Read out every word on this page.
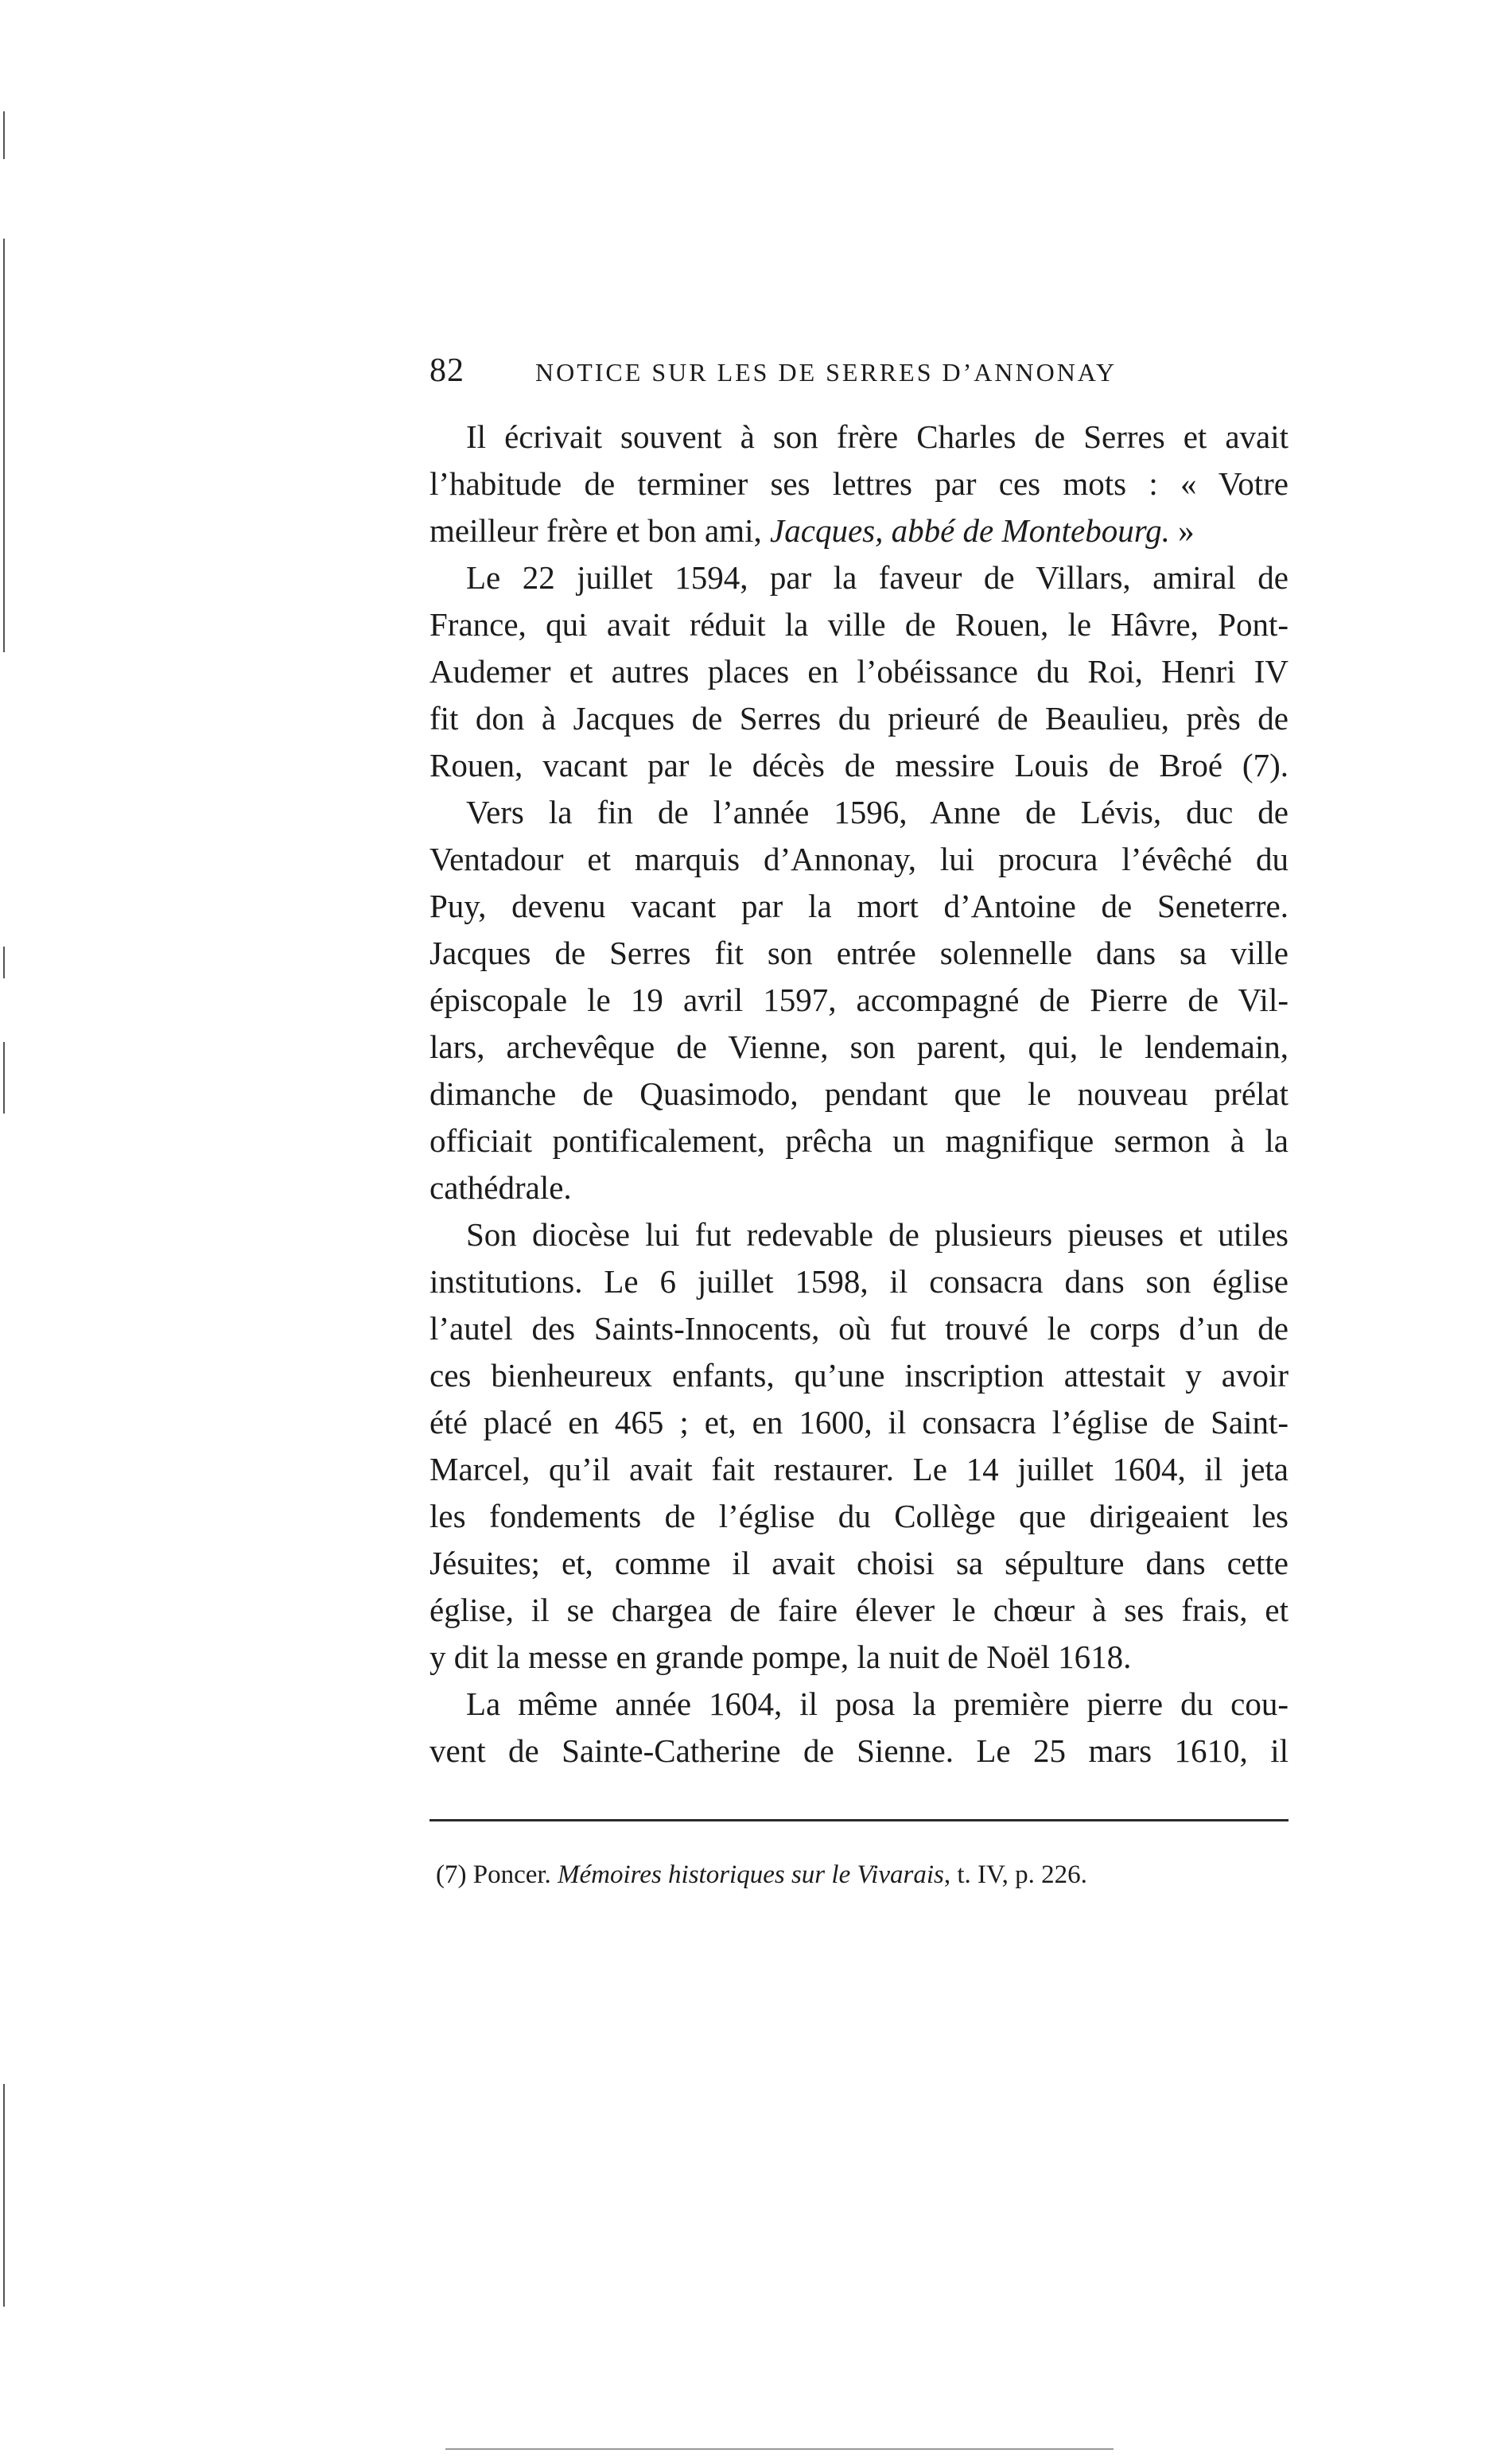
82	NOTICE SUR LES DE SERRES D’ANNONAY
Il écrivait souvent à son frère Charles de Serres et avait
l’habitude de terminer ses lettres par ces mots : « Votre
meilleur frère et bon ami, Jacques, abbé de Montebourg. »
Le 22 juillet 1594, par la faveur de Villars, amiral de
France, qui avait réduit la ville de Rouen, le Hâvre, Pont-
Audemer et autres places en l’obéissance du Roi, Henri IV
fit don à Jacques de Serres du prieuré de Beaulieu, près de
Rouen, vacant par le décès de messire Louis de Broé (7).
Vers la fin de l’année 1596, Anne de Lévis, duc de
Ventadour et marquis d’Annonay, lui procura l’évêché du
Puy, devenu vacant par la mort d’Antoine de Seneterre.
Jacques de Serres fit son entrée solennelle dans sa ville
épiscopale le 19 avril 1597, accompagné de Pierre de Vil-
lars, archevêque de Vienne, son parent, qui, le lendemain,
dimanche de Quasimodo, pendant que le nouveau prélat
officiait pontificalement, prêcha un magnifique sermon à la
cathédrale.
Son diocèse lui fut redevable de plusieurs pieuses et utiles
institutions. Le 6 juillet 1598, il consacra dans son église
l’autel des Saints-Innocents, où fut trouvé le corps d’un de
ces bienheureux enfants, qu’une inscription attestait y avoir
été placé en 465 ; et, en 1600, il consacra l’église de Saint-
Marcel, qu’il avait fait restaurer. Le 14 juillet 1604, il jeta
les fondements de l’église du Collège que dirigeaient les
Jésuites; et, comme il avait choisi sa sépulture dans cette
église, il se chargea de faire élever le chœur à ses frais, et
y dit la messe en grande pompe, la nuit de Noël 1618.
La même année 1604, il posa la première pierre du cou-
vent de Sainte-Catherine de Sienne. Le 25 mars 1610, il
(7) Poncer. Mémoires historiques sur le Vivarais, t. IV, p. 226.
